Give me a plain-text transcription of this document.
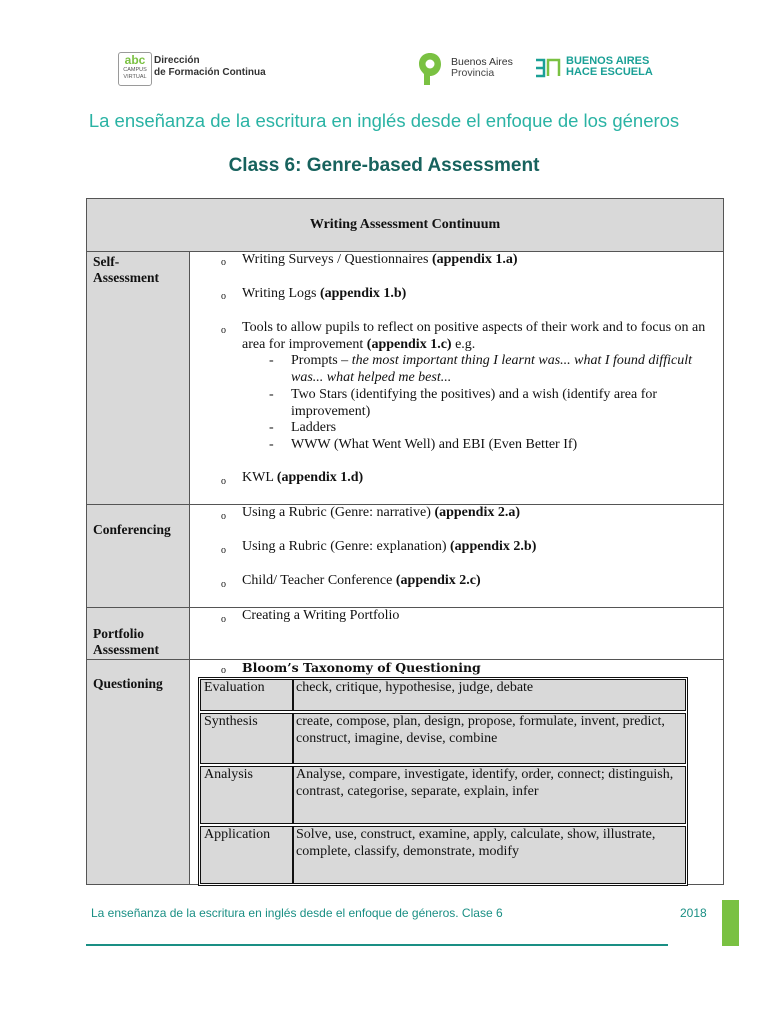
abc
CAMPUS
VIRTUAL
Dirección
de Formación Continua
Buenos Aires
Provincia
BUENOS AIRES
HACE ESCUELA
La enseñanza de la escritura en inglés desde el enfoque de los géneros
Class 6: Genre-based Assessment
Writing Assessment Continuum
Self-Assessment
o Writing Surveys / Questionnaires (appendix 1.a)
o Writing Logs (appendix 1.b)
o Tools to allow pupils to reflect on positive aspects of their work and to focus on an area for improvement (appendix 1.c) e.g.
- Prompts – the most important thing I learnt was... what I found difficult was... what helped me best...
- Two Stars (identifying the positives) and a wish (identify area for improvement)
- Ladders
- WWW (What Went Well) and EBI (Even Better If)
o KWL (appendix 1.d)
Conferencing
o Using a Rubric (Genre: narrative) (appendix 2.a)
o Using a Rubric (Genre: explanation) (appendix 2.b)
o Child/ Teacher Conference (appendix 2.c)
Portfolio Assessment
o Creating a Writing Portfolio
Questioning
o Bloom’s Taxonomy of Questioning
Evaluation	check, critique, hypothesise, judge, debate
Synthesis	create, compose, plan, design, propose, formulate, invent, predict, construct, imagine, devise, combine
Analysis	Analyse, compare, investigate, identify, order, connect; distinguish, contrast, categorise, separate, explain, infer
Application	Solve, use, construct, examine, apply, calculate, show, illustrate, complete, classify, demonstrate, modify
La enseñanza de la escritura en inglés desde el enfoque de géneros. Clase 6	2018
